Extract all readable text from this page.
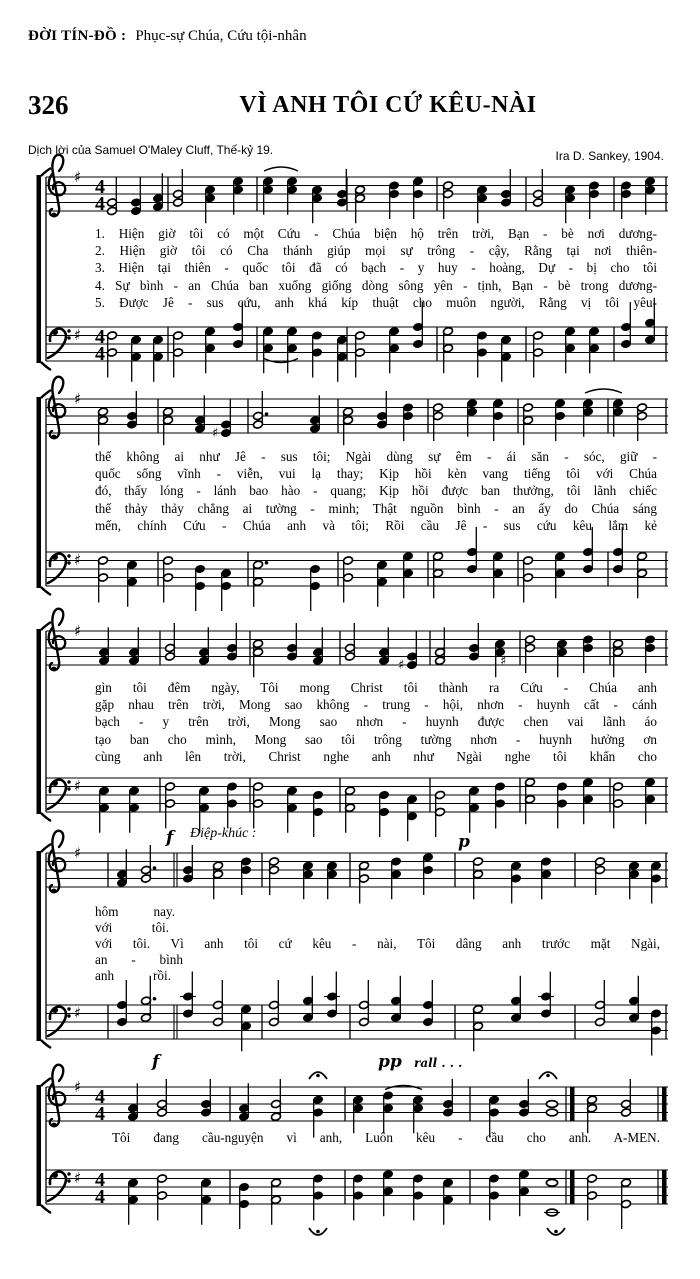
ĐỜI TÍN-ĐỒ : Phục-sự Chúa, Cứu tội-nhân
326	VÌ ANH TÔI CỨ KÊU-NÀI
Dịch lời của Samuel O'Maley Cluff, Thế-kỷ 19.	Ira D. Sankey, 1904.
♯
♯
4
4
4
4
1. Hiện giờ tôi có một Cứu - Chúa biện hộ trên trời, Bạn - bè nơi dương-
2. Hiện giờ tôi có Cha thánh giúp mọi sự trông - cậy, Rằng tại nơi thiên-
3. Hiện tại thiên - quốc tôi đã có bạch - y huy - hoàng, Dự - bị cho tôi
4. Sự bình - an Chúa ban xuống giống dòng sông yên - tịnh, Bạn - bè trong dương-
5. Được Jê - sus cứu, anh khá kíp thuật cho muôn người, Rằng vị tôi yêu-
♯
♯
♯
thế không ai như Jê - sus tôi; Ngài dùng sự êm - ái săn - sóc, giữ -
quốc sống vĩnh - viễn, vui lạ thay; Kịp hồi kèn vang tiếng tôi với Chúa
đó, thấy lóng - lánh bao hào - quang; Kịp hồi được ban thưởng, tôi lãnh chiếc
thế thảy thảy chẳng ai tường - minh; Thật nguồn bình - an ấy do Chúa sáng
mến, chính Cứu - Chúa anh và tôi; Rồi cầu Jê - sus cứu kêu lắm kẻ
♯
♯
♯	♯
gìn tôi đêm ngày, Tôi mong Christ tôi thành ra Cứu - Chúa anh
gặp nhau trên trời, Mong sao không - trung - hội, nhơn - huynh cất - cánh
bạch - y trên trời, Mong sao nhơn - huynh được chen vai lãnh áo
tạo ban cho mình, Mong sao tôi trông tường nhơn - huynh hưởng ơn
cùng anh lên trời, Christ nghe anh như Ngài nghe tôi khẩn cho
♯
♯
hôm nay.
với tôi.
với tôi. Vì anh tôi cứ kêu - nài, Tôi dâng anh trước mặt Ngài,
an - bình
anh rồi.
f Điệp-khúc :	p
♯
♯
4
4
4
4
Tôi đang cầu-nguyện vì anh, Luôn kêu - cầu cho anh. A-MEN.
f	pp rall . . .
